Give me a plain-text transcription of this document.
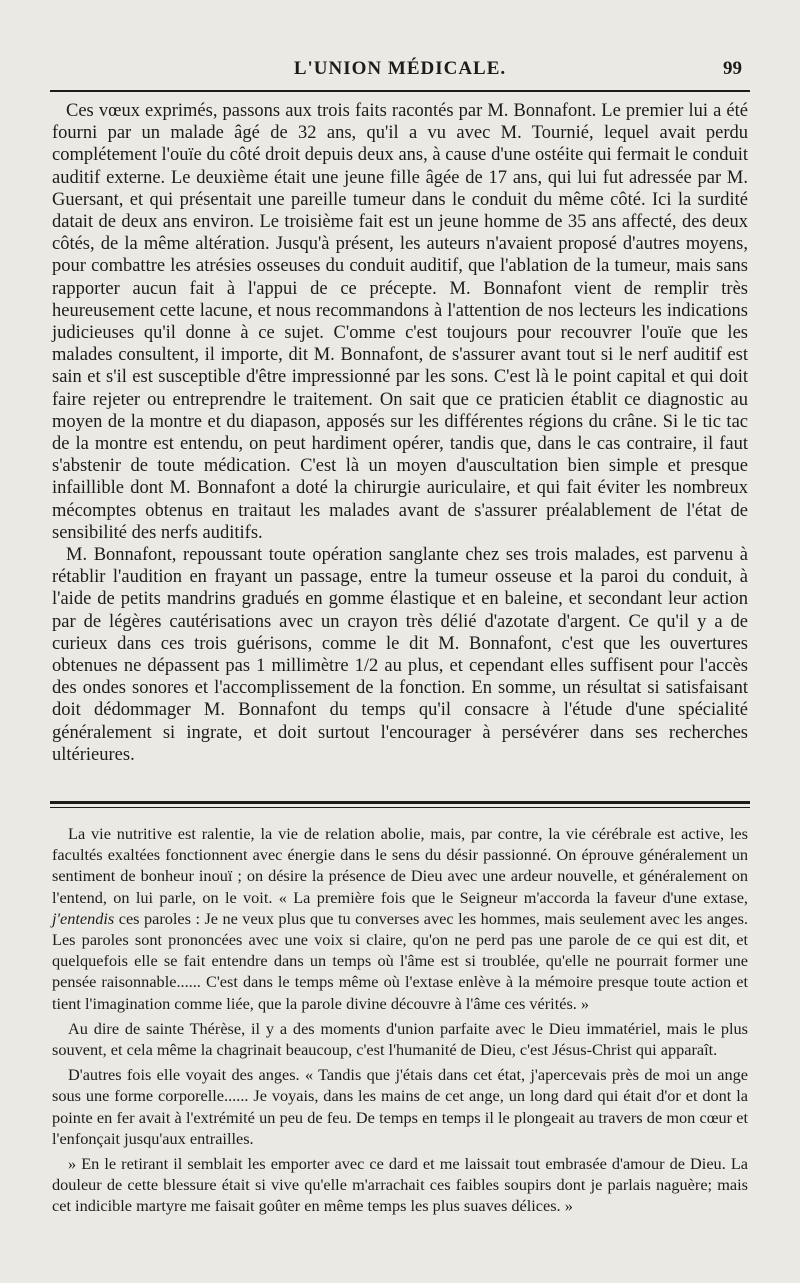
L'UNION MÉDICALE.	99

Ces vœux exprimés, passons aux trois faits racontés par M. Bonnafont. Le premier lui a été fourni par un malade âgé de 32 ans, qu'il a vu avec M. Tournié, lequel avait perdu complétement l'ouïe du côté droit depuis deux ans, à cause d'une ostéite qui fermait le conduit auditif externe. Le deuxième était une jeune fille âgée de 17 ans, qui lui fut adressée par M. Guersant, et qui présentait une pareille tumeur dans le conduit du même côté. Ici la surdité datait de deux ans environ. Le troisième fait est un jeune homme de 35 ans affecté, des deux côtés, de la même altération. Jusqu'à présent, les auteurs n'avaient proposé d'autres moyens, pour combattre les atrésies osseuses du conduit auditif, que l'ablation de la tumeur, mais sans rapporter aucun fait à l'appui de ce précepte. M. Bonnafont vient de remplir très heureusement cette lacune, et nous recommandons à l'attention de nos lecteurs les indications judicieuses qu'il donne à ce sujet. C'omme c'est toujours pour recouvrer l'ouïe que les malades consultent, il importe, dit M. Bonnafont, de s'assurer avant tout si le nerf auditif est sain et s'il est susceptible d'être impressionné par les sons. C'est là le point capital et qui doit faire rejeter ou entreprendre le traitement. On sait que ce praticien établit ce diagnostic au moyen de la montre et du diapason, apposés sur les différentes régions du crâne. Si le tic tac de la montre est entendu, on peut hardiment opérer, tandis que, dans le cas contraire, il faut s'abstenir de toute médication. C'est là un moyen d'auscultation bien simple et presque infaillible dont M. Bonnafont a doté la chirurgie auriculaire, et qui fait éviter les nombreux mécomptes obtenus en traitaut les malades avant de s'assurer préalablement de l'état de sensibilité des nerfs auditifs.

M. Bonnafont, repoussant toute opération sanglante chez ses trois malades, est parvenu à rétablir l'audition en frayant un passage, entre la tumeur osseuse et la paroi du conduit, à l'aide de petits mandrins gradués en gomme élastique et en baleine, et secondant leur action par de légères cautérisations avec un crayon très délié d'azotate d'argent. Ce qu'il y a de curieux dans ces trois guérisons, comme le dit M. Bonnafont, c'est que les ouvertures obtenues ne dépassent pas 1 millimètre 1/2 au plus, et cependant elles suffisent pour l'accès des ondes sonores et l'accomplissement de la fonction. En somme, un résultat si satisfaisant doit dédommager M. Bonnafont du temps qu'il consacre à l'étude d'une spécialité généralement si ingrate, et doit surtout l'encourager à persévérer dans ses recherches ultérieures.

La vie nutritive est ralentie, la vie de relation abolie, mais, par contre, la vie cérébrale est active, les facultés exaltées fonctionnent avec énergie dans le sens du désir passionné. On éprouve généralement un sentiment de bonheur inouï ; on désire la présence de Dieu avec une ardeur nouvelle, et généralement on l'entend, on lui parle, on le voit. « La première fois que le Seigneur m'accorda la faveur d'une extase, j'entendis ces paroles : Je ne veux plus que tu converses avec les hommes, mais seulement avec les anges. Les paroles sont prononcées avec une voix si claire, qu'on ne perd pas une parole de ce qui est dit, et quelquefois elle se fait entendre dans un temps où l'âme est si troublée, qu'elle ne pourrait former une pensée raisonnable...... C'est dans le temps même où l'extase enlève à la mémoire presque toute action et tient l'imagination comme liée, que la parole divine découvre à l'âme ces vérités. »

Au dire de sainte Thérèse, il y a des moments d'union parfaite avec le Dieu immatériel, mais le plus souvent, et cela même la chagrinait beaucoup, c'est l'humanité de Dieu, c'est Jésus-Christ qui apparaît.

D'autres fois elle voyait des anges. « Tandis que j'étais dans cet état, j'apercevais près de moi un ange sous une forme corporelle...... Je voyais, dans les mains de cet ange, un long dard qui était d'or et dont la pointe en fer avait à l'extrémité un peu de feu. De temps en temps il le plongeait au travers de mon cœur et l'enfonçait jusqu'aux entrailles.

» En le retirant il semblait les emporter avec ce dard et me laissait tout embrasée d'amour de Dieu. La douleur de cette blessure était si vive qu'elle m'arrachait ces faibles soupirs dont je parlais naguère; mais cet indicible martyre me faisait goûter en même temps les plus suaves délices. »
